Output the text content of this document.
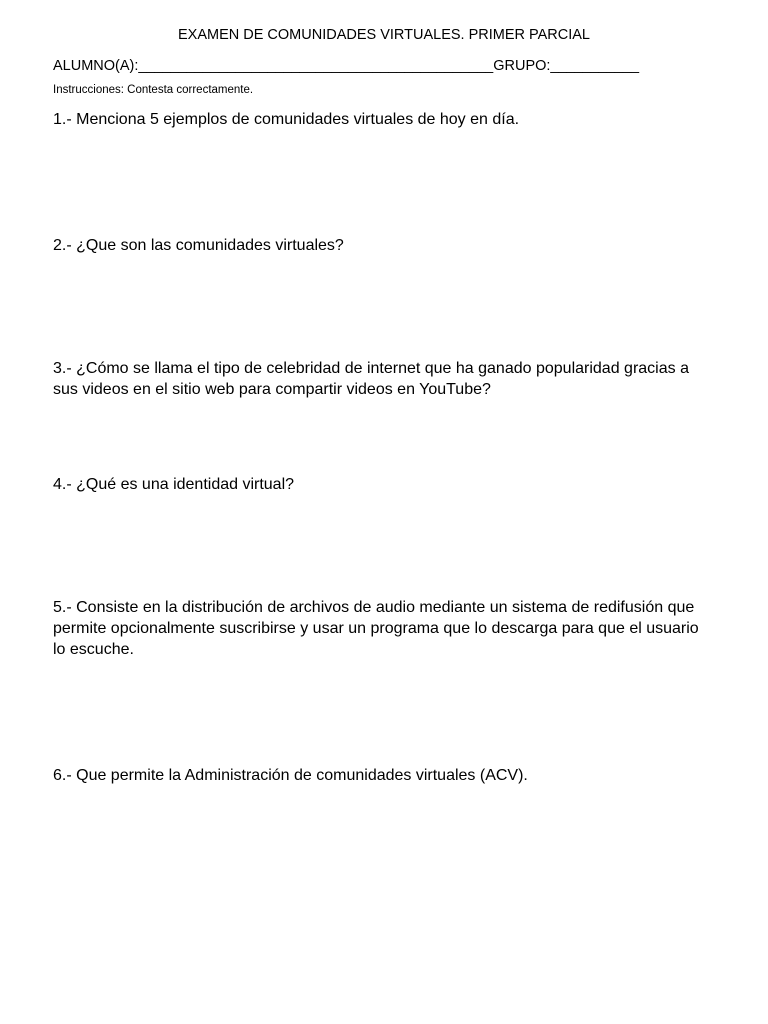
EXAMEN DE COMUNIDADES VIRTUALES. PRIMER PARCIAL
ALUMNO(A):____________________________________________GRUPO:___________
Instrucciones: Contesta correctamente.

1.- Menciona 5 ejemplos de comunidades virtuales de hoy en día.

2.- ¿Que son las comunidades virtuales?

3.- ¿Cómo se llama el tipo de celebridad de internet que ha ganado popularidad gracias a sus videos en el sitio web para compartir videos en YouTube?

4.- ¿Qué es una identidad virtual?

5.- Consiste en la distribución de archivos de audio mediante un sistema de redifusión que permite opcionalmente suscribirse y usar un programa que lo descarga para que el usuario lo escuche.

6.- Que permite la Administración de comunidades virtuales (ACV).
